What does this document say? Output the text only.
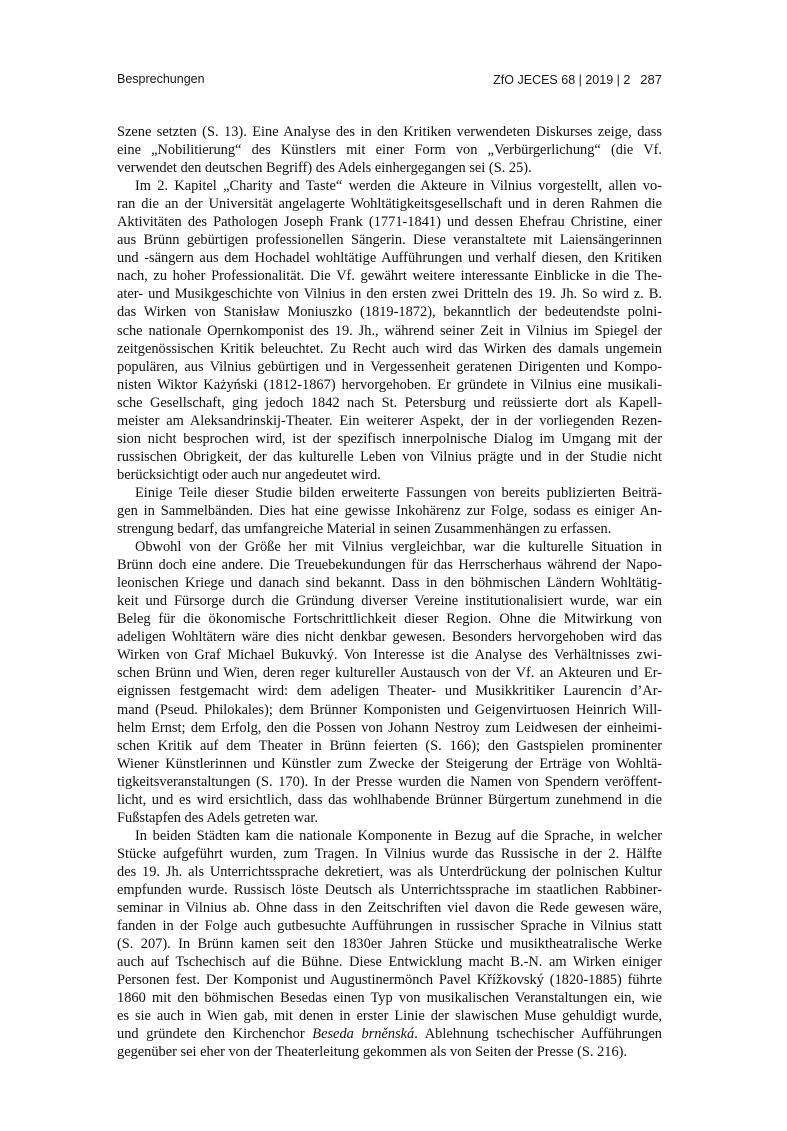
Besprechungen	ZfO JECES 68 | 2019 | 2 287
Szene setzten (S. 13). Eine Analyse des in den Kritiken verwendeten Diskurses zeige, dass
eine „Nobilitierung“ des Künstlers mit einer Form von „Verbürgerlichung“ (die Vf.
verwendet den deutschen Begriff) des Adels einhergegangen sei (S. 25).
Im 2. Kapitel „Charity and Taste“ werden die Akteure in Vilnius vorgestellt, allen vo-
ran die an der Universität angelagerte Wohltätigkeitsgesellschaft und in deren Rahmen die
Aktivitäten des Pathologen Joseph Frank (1771-1841) und dessen Ehefrau Christine, einer
aus Brünn gebürtigen professionellen Sängerin. Diese veranstaltete mit Laiensängerinnen
und -sängern aus dem Hochadel wohltätige Aufführungen und verhalf diesen, den Kritiken
nach, zu hoher Professionalität. Die Vf. gewährt weitere interessante Einblicke in die The-
ater- und Musikgeschichte von Vilnius in den ersten zwei Dritteln des 19. Jh. So wird z. B.
das Wirken von Stanisław Moniuszko (1819-1872), bekanntlich der bedeutendste polni-
sche nationale Opernkomponist des 19. Jh., während seiner Zeit in Vilnius im Spiegel der
zeitgenössischen Kritik beleuchtet. Zu Recht auch wird das Wirken des damals ungemein
populären, aus Vilnius gebürtigen und in Vergessenheit geratenen Dirigenten und Kompo-
nisten Wiktor Każyński (1812-1867) hervorgehoben. Er gründete in Vilnius eine musikali-
sche Gesellschaft, ging jedoch 1842 nach St. Petersburg und reüssierte dort als Kapell-
meister am Aleksandrinskij-Theater. Ein weiterer Aspekt, der in der vorliegenden Rezen-
sion nicht besprochen wird, ist der spezifisch innerpolnische Dialog im Umgang mit der
russischen Obrigkeit, der das kulturelle Leben von Vilnius prägte und in der Studie nicht
berücksichtigt oder auch nur angedeutet wird.
Einige Teile dieser Studie bilden erweiterte Fassungen von bereits publizierten Beiträ-
gen in Sammelbänden. Dies hat eine gewisse Inkohärenz zur Folge, sodass es einiger An-
strengung bedarf, das umfangreiche Material in seinen Zusammenhängen zu erfassen.
Obwohl von der Größe her mit Vilnius vergleichbar, war die kulturelle Situation in
Brünn doch eine andere. Die Treuebekundungen für das Herrscherhaus während der Napo-
leonischen Kriege und danach sind bekannt. Dass in den böhmischen Ländern Wohltätig-
keit und Fürsorge durch die Gründung diverser Vereine institutionalisiert wurde, war ein
Beleg für die ökonomische Fortschrittlichkeit dieser Region. Ohne die Mitwirkung von
adeligen Wohltätern wäre dies nicht denkbar gewesen. Besonders hervorgehoben wird das
Wirken von Graf Michael Bukuvký. Von Interesse ist die Analyse des Verhältnisses zwi-
schen Brünn und Wien, deren reger kultureller Austausch von der Vf. an Akteuren und Er-
eignissen festgemacht wird: dem adeligen Theater- und Musikkritiker Laurencin d’Ar-
mand (Pseud. Philokales); dem Brünner Komponisten und Geigenvirtuosen Heinrich Will-
helm Ernst; dem Erfolg, den die Possen von Johann Nestroy zum Leidwesen der einheimi-
schen Kritik auf dem Theater in Brünn feierten (S. 166); den Gastspielen prominenter
Wiener Künstlerinnen und Künstler zum Zwecke der Steigerung der Erträge von Wohltä-
tigkeitsveranstaltungen (S. 170). In der Presse wurden die Namen von Spendern veröffent-
licht, und es wird ersichtlich, dass das wohlhabende Brünner Bürgertum zunehmend in die
Fußstapfen des Adels getreten war.
In beiden Städten kam die nationale Komponente in Bezug auf die Sprache, in welcher
Stücke aufgeführt wurden, zum Tragen. In Vilnius wurde das Russische in der 2. Hälfte
des 19. Jh. als Unterrichtssprache dekretiert, was als Unterdrückung der polnischen Kultur
empfunden wurde. Russisch löste Deutsch als Unterrichtssprache im staatlichen Rabbiner-
seminar in Vilnius ab. Ohne dass in den Zeitschriften viel davon die Rede gewesen wäre,
fanden in der Folge auch gutbesuchte Aufführungen in russischer Sprache in Vilnius statt
(S. 207). In Brünn kamen seit den 1830er Jahren Stücke und musiktheatralische Werke
auch auf Tschechisch auf die Bühne. Diese Entwicklung macht B.-N. am Wirken einiger
Personen fest. Der Komponist und Augustinermönch Pavel Křížkovský (1820-1885) führte
1860 mit den böhmischen Besedas einen Typ von musikalischen Veranstaltungen ein, wie
es sie auch in Wien gab, mit denen in erster Linie der slawischen Muse gehuldigt wurde,
und gründete den Kirchenchor Beseda brněnská. Ablehnung tschechischer Aufführungen
gegenüber sei eher von der Theaterleitung gekommen als von Seiten der Presse (S. 216).
